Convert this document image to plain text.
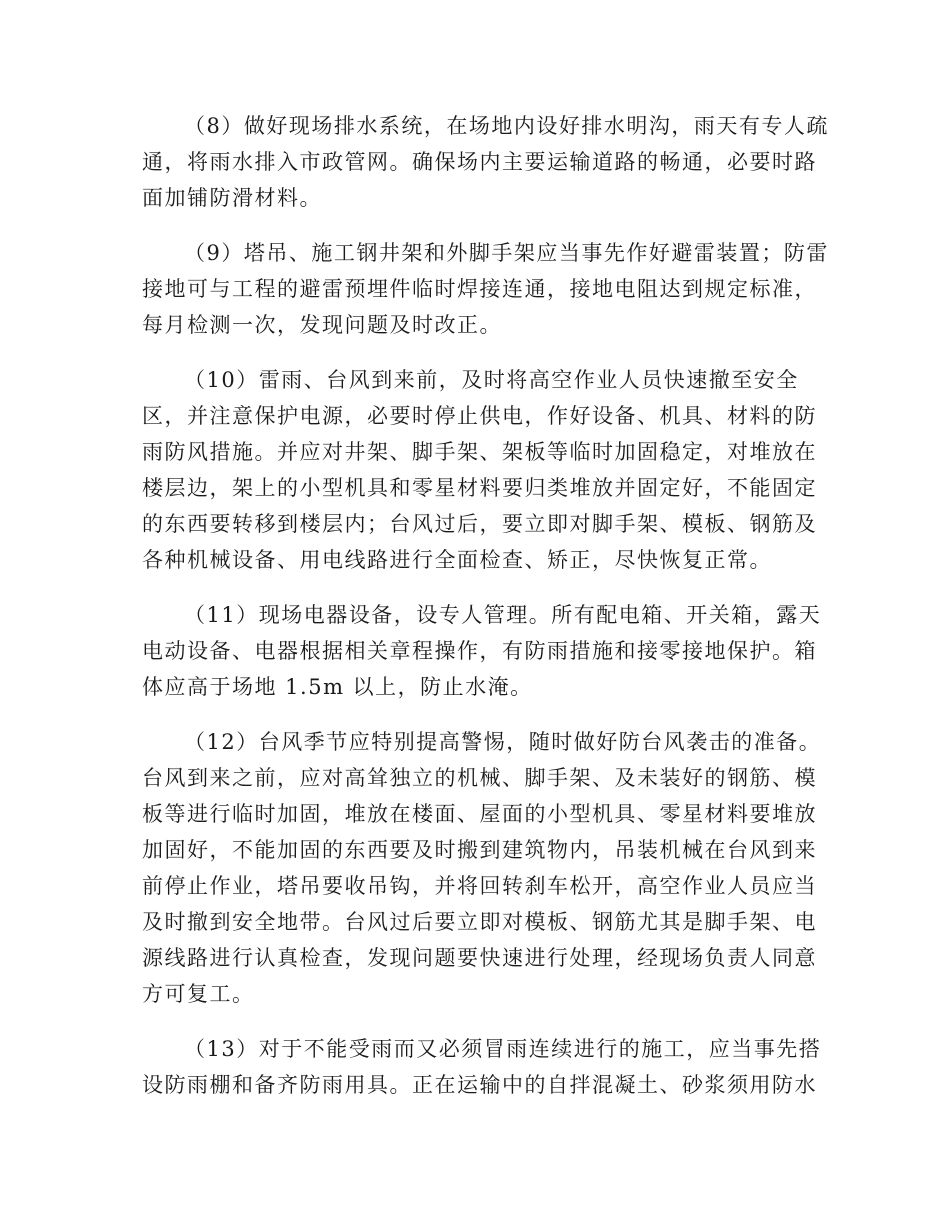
（8）做好现场排水系统，在场地内设好排水明沟，雨天有专人疏
通，将雨水排入市政管网。确保场内主要运输道路的畅通，必要时路
面加铺防滑材料。
（9）塔吊、施工钢井架和外脚手架应当事先作好避雷装置；防雷
接地可与工程的避雷预埋件临时焊接连通，接地电阻达到规定标准，
每月检测一次，发现问题及时改正。
（10）雷雨、台风到来前，及时将高空作业人员快速撤至安全
区，并注意保护电源，必要时停止供电，作好设备、机具、材料的防
雨防风措施。并应对井架、脚手架、架板等临时加固稳定，对堆放在
楼层边，架上的小型机具和零星材料要归类堆放并固定好，不能固定
的东西要转移到楼层内；台风过后，要立即对脚手架、模板、钢筋及
各种机械设备、用电线路进行全面检查、矫正，尽快恢复正常。
（11）现场电器设备，设专人管理。所有配电箱、开关箱，露天
电动设备、电器根据相关章程操作，有防雨措施和接零接地保护。箱
体应高于场地 1.5m 以上，防止水淹。
（12）台风季节应特别提高警惕，随时做好防台风袭击的准备。
台风到来之前，应对高耸独立的机械、脚手架、及未装好的钢筋、模
板等进行临时加固，堆放在楼面、屋面的小型机具、零星材料要堆放
加固好，不能加固的东西要及时搬到建筑物内，吊装机械在台风到来
前停止作业，塔吊要收吊钩，并将回转刹车松开，高空作业人员应当
及时撤到安全地带。台风过后要立即对模板、钢筋尤其是脚手架、电
源线路进行认真检查，发现问题要快速进行处理，经现场负责人同意
方可复工。
（13）对于不能受雨而又必须冒雨连续进行的施工，应当事先搭
设防雨棚和备齐防雨用具。正在运输中的自拌混凝土、砂浆须用防水
